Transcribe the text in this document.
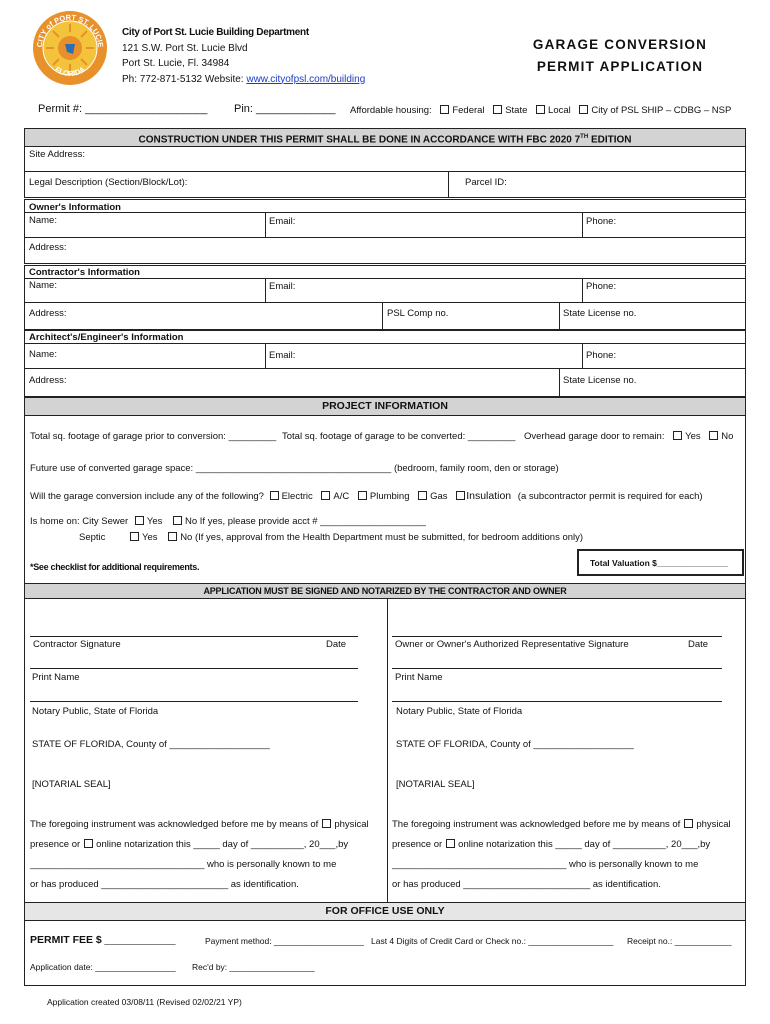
CITY of PORT ST. LUCIE
FLORIDA
City of Port St. Lucie Building Department
121 S.W. Port St. Lucie Blvd
Port St. Lucie, Fl. 34984
Ph: 772-871-5132 Website: www.cityofpsl.com/building
GARAGE CONVERSION
PERMIT APPLICATION
Permit #: ____________________ Pin: _____________ Affordable housing: Federal State Local City of PSL SHIP – CDBG – NSP
CONSTRUCTION UNDER THIS PERMIT SHALL BE DONE IN ACCORDANCE WITH FBC 2020 7TH EDITION
Site Address:
Legal Description (Section/Block/Lot):	Parcel ID:
Owner's Information
Name:	Email:	Phone:
Address:
Contractor's Information
Name:	Email:	Phone:
Address:	PSL Comp no.	State License no.
Architect's/Engineer's Information
Name:	Email:	Phone:
Address:	State License no.
PROJECT INFORMATION
Total sq. footage of garage prior to conversion: _________ Total sq. footage of garage to be converted: _________ Overhead garage door to remain: Yes No
Future use of converted garage space: _____________________________________ (bedroom, family room, den or storage)
Will the garage conversion include any of the following? Electric A/C Plumbing Gas Insulation (a subcontractor permit is required for each)
Is home on: City Sewer Yes No If yes, please provide acct # ____________________
Septic	Yes No (If yes, approval from the Health Department must be submitted, for bedroom additions only)
*See checklist for additional requirements.	Total Valuation $_______________
APPLICATION MUST BE SIGNED AND NOTARIZED BY THE CONTRACTOR AND OWNER
Contractor Signature	Date
Print Name
Notary Public, State of Florida
STATE OF FLORIDA, County of ___________________
[NOTARIAL SEAL]
The foregoing instrument was acknowledged before me by means of physical
presence or online notarization this _____ day of __________, 20___,by
_________________________________ who is personally known to me
or has produced ________________________ as identification.
Owner or Owner's Authorized Representative Signature	Date
Print Name
Notary Public, State of Florida
STATE OF FLORIDA, County of ___________________
[NOTARIAL SEAL]
The foregoing instrument was acknowledged before me by means of physical
presence or online notarization this _____ day of __________, 20___,by
_________________________________ who is personally known to me
or has produced ________________________ as identification.
FOR OFFICE USE ONLY
PERMIT FEE $ ________________	Payment method: ___________________ Last 4 Digits of Credit Card or Check no.: __________________ Receipt no.: ____________
Application date: _________________ Rec'd by: __________________
Application created 03/08/11 (Revised 02/02/21 YP)
